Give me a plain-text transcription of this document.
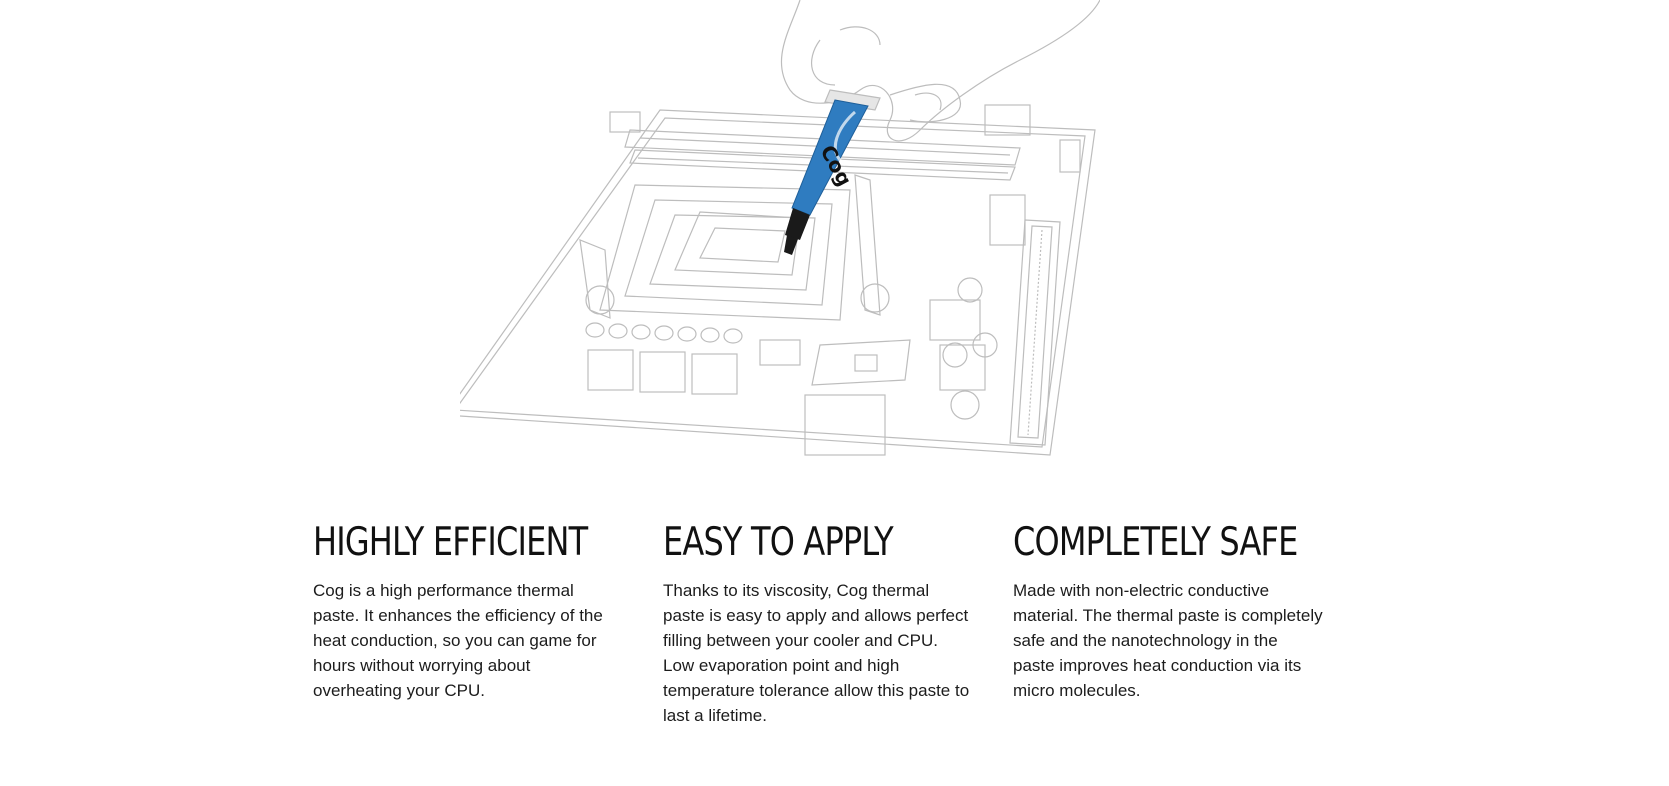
Cog
HIGHLY EFFICIENT

Cog is a high performance thermal paste. It enhances the efficiency of the heat conduction, so you can game for hours without worrying about overheating your CPU.

EASY TO APPLY

Thanks to its viscosity, Cog thermal paste is easy to apply and allows perfect filling between your cooler and CPU. Low evaporation point and high temperature tolerance allow this paste to last a lifetime.

COMPLETELY SAFE

Made with non-electric conductive material. The thermal paste is completely safe and the nanotechnology in the paste improves heat conduction via its micro molecules.
